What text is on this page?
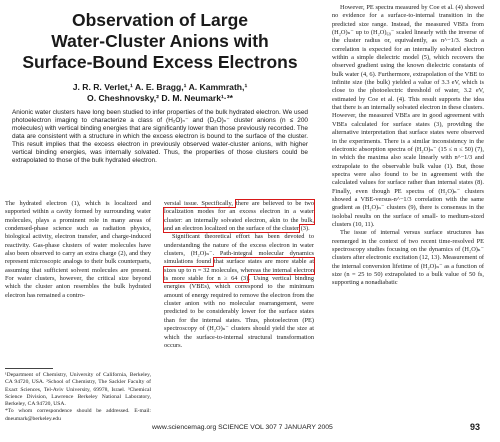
Observation of Large
Water-Cluster Anions with
Surface-Bound Excess Electrons
J. R. R. Verlet,¹ A. E. Bragg,¹ A. Kammrath,¹
O. Cheshnovsky,² D. M. Neumark¹·³*
Anionic water clusters have long been studied to infer properties of the bulk hydrated electron. We used photoelectron imaging to characterize a class of (H₂O)ₙ⁻ and (D₂O)ₙ⁻ cluster anions (n ≤ 200 molecules) with vertical binding energies that are significantly lower than those previously recorded. The data are consistent with a structure in which the excess electron is bound to the surface of the cluster. This result implies that the excess electron in previously observed water-cluster anions, with higher vertical binding energies, was internally solvated. Thus, the properties of those clusters could be extrapolated to those of the bulk hydrated electron.

The hydrated electron (1), which is localized and supported within a cavity formed by surrounding water molecules, plays a prominent role in many areas of condensed-phase science such as radiation physics, biological activity, electron transfer, and charge-induced reactivity. Gas-phase clusters of water molecules have also been observed to carry an extra charge (2), and they represent microscopic analogs to their bulk counterparts, assuming that sufficient solvent molecules are present. For water clusters, however, the critical size beyond which the cluster anion resembles the bulk hydrated electron has remained a contro-

¹Department of Chemistry, University of California, Berkeley, CA 94720, USA. ²School of Chemistry, The Sackler Faculty of Exact Sciences, Tel-Aviv University, 69978, Israel. ³Chemical Science Division, Lawrence Berkeley National Laboratory, Berkeley, CA 94720, USA.

*To whom correspondence should be addressed. E-mail: dneumark@berkeley.edu

versial issue. Specifically, there are believed to be two localization modes for an excess electron in a water cluster: an internally solvated electron, akin to the bulk, and an electron localized on the surface of the cluster (3).

Significant theoretical effort has been devoted to understanding the nature of the excess electron in water clusters, (H₂O)ₙ⁻. Path-integral molecular dynamics simulations found that surface states are more stable at sizes up to n = 32 molecules, whereas the internal electron is more stable for n ≥ 64 (3). Using vertical binding energies (VBEs), which correspond to the minimum amount of energy required to remove the electron from the cluster anion with no molecular rearrangement, were predicted to be considerably lower for the surface states than for the internal states. Thus, photoelectron (PE) spectroscopy of (H₂O)ₙ⁻ clusters should yield the size at which the surface-to-internal structural transformation occurs.

However, PE spectra measured by Coe et al. (4) showed no evidence for a surface-to-internal transition in the predicted size range. Instead, the measured VBEs from (H₂O)ₙ⁻ up to (H₂O)₆₉⁻ scaled linearly with the inverse of the cluster radius or, equivalently, as n^−1/3. Such a correlation is expected for an internally solvated electron within a simple dielectric model (5), which recovers the observed gradient using the known dielectric constants of bulk water (4, 6). Furthermore, extrapolation of the VBE to infinite size (the bulk) yielded a value of 3.3 eV, which is close to the photoelectric threshold of water, 3.2 eV, estimated by Coe et al. (4). This result supports the idea that there is an internally solvated electron in these clusters. However, the measured VBEs are in good agreement with VBEs calculated for surface states (3), providing the alternative interpretation that surface states were observed in the experiments. There is a similar inconsistency in the electronic absorption spectra of (H₂O)ₙ⁻ (15 ≤ n ≤ 50) (7), in which the maxima also scale linearly with n^−1/3 and extrapolate to the observable bulk value (1). But, those spectra were also found to be in agreement with the calculated values for surface rather than internal states (8). Finally, even though PE spectra of (H₂O)ₙ⁻ clusters showed a VBE-versus-n^−1/3 correlation with the same gradient as (H₂O)ₙ⁻ clusters (9), there is consensus in the isolobal results on the surface of small- to medium-sized clusters (10, 11).

The issue of internal versus surface structures has reemerged in the context of two recent time-resolved PE spectroscopy studies focusing on the dynamics of (H₂O)ₙ⁻ clusters after electronic excitation (12, 13). Measurement of the internal conversion lifetime of (H₂O)ₙ⁻ as a function of size (n = 25 to 50) extrapolated to a bulk value of 50 fs, supporting a nonadiabatic

www.sciencemag.org SCIENCE VOL 307 7 JANUARY 2005	93
